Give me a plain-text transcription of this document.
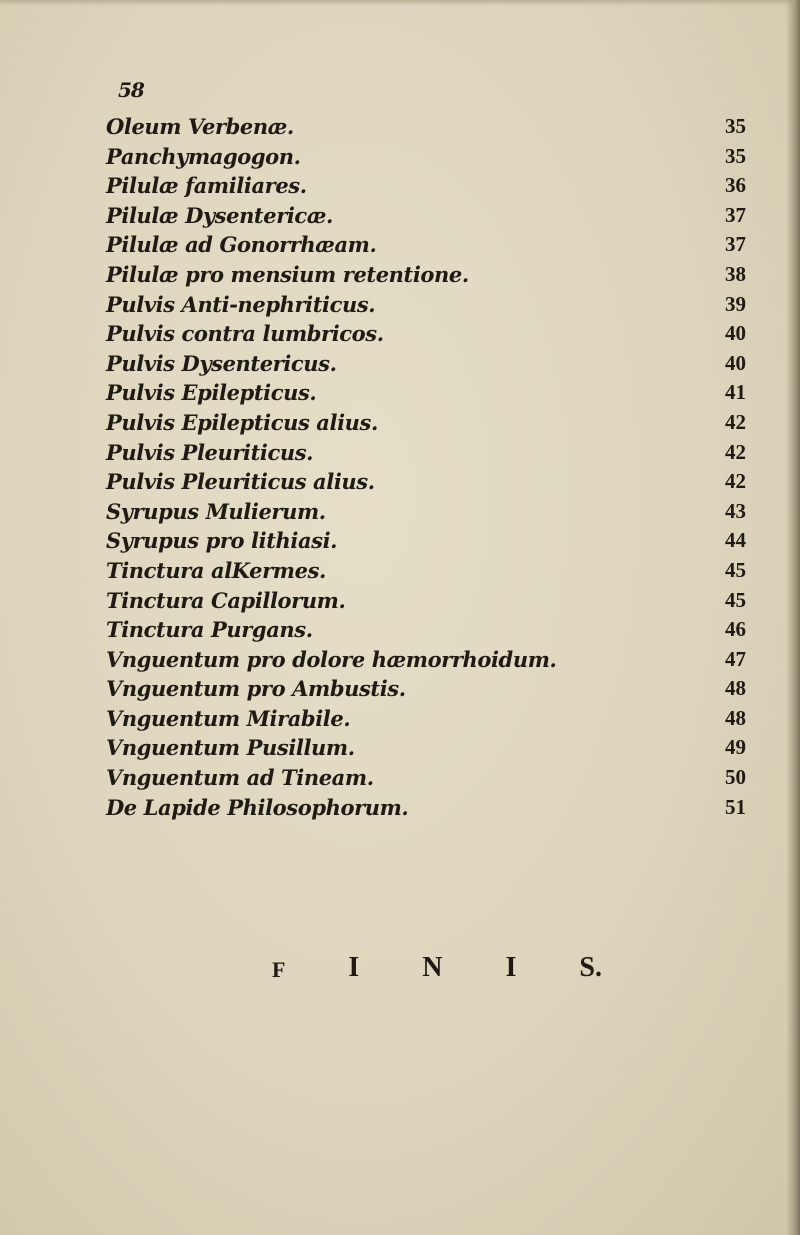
58
Oleum Verbenæ.	35
Panchymagogon.	35
Pilulæ familiares.	36
Pilulæ Dysentericæ.	37
Pilulæ ad Gonorrhæam.	37
Pilulæ pro mensium retentione.	38
Pulvis Anti-nephriticus.	39
Pulvis contra lumbricos.	40
Pulvis Dysentericus.	40
Pulvis Epilepticus.	41
Pulvis Epilepticus alius.	42
Pulvis Pleuriticus.	42
Pulvis Pleuriticus alius.	42
Syrupus Mulierum.	43
Syrupus pro lithiasi.	44
Tinctura alKermes.	45
Tinctura Capillorum.	45
Tinctura Purgans.	46
Vnguentum pro dolore hæmorrhoidum.	47
Vnguentum pro Ambustis.	48
Vnguentum Mirabile.	48
Vnguentum Pusillum.	49
Vnguentum ad Tineam.	50
De Lapide Philosophorum.	51
F I N I S.
